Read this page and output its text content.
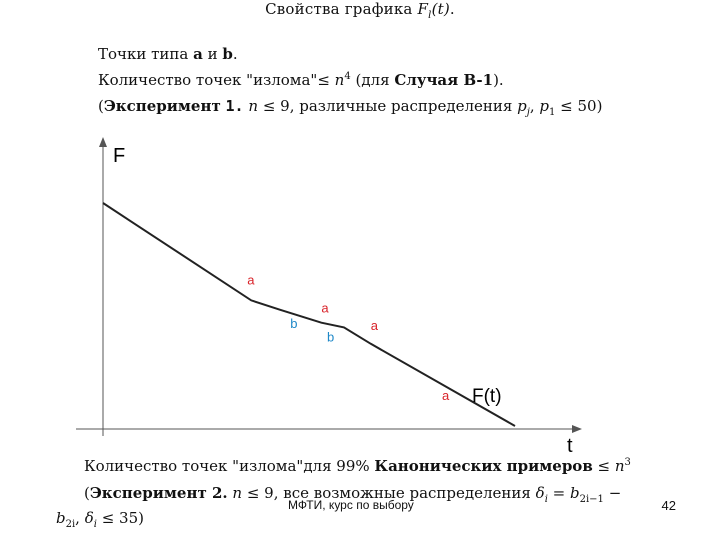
Свойства графика $F_l(t)$.
Точки типа a и b.
Количество точек "излома"≤ $n^4$ (для Случая B-1).
(Эксперимент 1. n ≤ 9, различные распределения $p_j$, $p_1 \le 50$)
F
t
a
b
a
b
a
a F(t)
Количество точек "излома"для 99% Канонических примеров ≤ $n^3$
(Эксперимент 2. n ≤ 9, все возможные распределения $\delta_i = b_{2i-1}$ −
$b_{2i}$, $\delta_i \le 35$)
МФТИ, курс по выбору	42
